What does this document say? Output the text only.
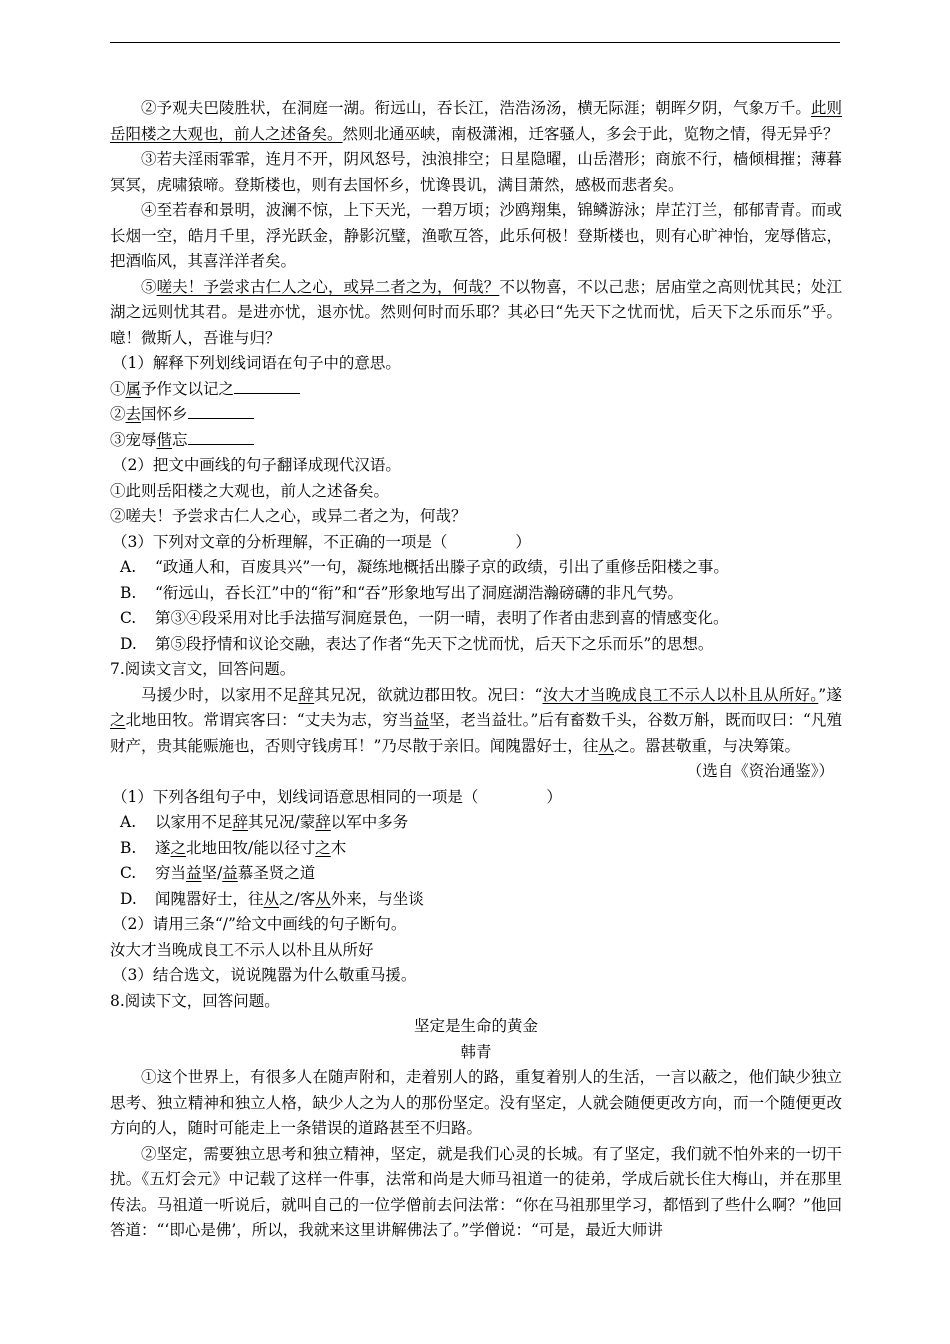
②予观夫巴陵胜状，在洞庭一湖。衔远山，吞长江，浩浩汤汤，横无际涯；朝晖夕阴，气象万千。此则岳阳楼之大观也，前人之述备矣。然则北通巫峡，南极潇湘，迁客骚人，多会于此，览物之情，得无异乎？

③若夫淫雨霏霏，连月不开，阴风怒号，浊浪排空；日星隐曜，山岳潜形；商旅不行，樯倾楫摧；薄暮冥冥，虎啸猿啼。登斯楼也，则有去国怀乡，忧谗畏讥，满目萧然，感极而悲者矣。

④至若春和景明，波澜不惊，上下天光，一碧万顷；沙鸥翔集，锦鳞游泳；岸芷汀兰，郁郁青青。而或长烟一空，皓月千里，浮光跃金，静影沉璧，渔歌互答，此乐何极！登斯楼也，则有心旷神怡，宠辱偕忘，把酒临风，其喜洋洋者矣。

⑤嗟夫！予尝求古仁人之心，或异二者之为，何哉？不以物喜，不以己悲；居庙堂之高则忧其民；处江湖之远则忧其君。是进亦忧，退亦忧。然则何时而乐耶？其必曰“先天下之忧而忧，后天下之乐而乐”乎。噫！微斯人，吾谁与归？

（1）解释下列划线词语在句子中的意思。

①属予作文以记之

②去国怀乡

③宠辱偕忘

（2）把文中画线的句子翻译成现代汉语。

①此则岳阳楼之大观也，前人之述备矣。

②嗟夫！予尝求古仁人之心，或异二者之为，何哉？

（3）下列对文章的分析理解，不正确的一项是（	）

A. “政通人和，百废具兴”一句，凝练地概括出滕子京的政绩，引出了重修岳阳楼之事。

B. “衔远山，吞长江”中的“衔”和“吞”形象地写出了洞庭湖浩瀚磅礴的非凡气势。

C. 第③④段采用对比手法描写洞庭景色，一阴一晴，表明了作者由悲到喜的情感变化。

D. 第⑤段抒情和议论交融，表达了作者“先天下之忧而忧，后天下之乐而乐”的思想。

7.阅读文言文，回答问题。

马援少时，以家用不足辞其兄况，欲就边郡田牧。况曰：“汝大才当晚成良工不示人以朴且从所好。”遂之北地田牧。常谓宾客曰：“丈夫为志，穷当益坚，老当益壮。”后有畜数千头，谷数万斛，既而叹曰：“凡殖财产，贵其能赈施也，否则守钱虏耳！”乃尽散于亲旧。闻隗嚣好士，往从之。嚣甚敬重，与决筹策。

（选自《资治通鉴》）

（1）下列各组句子中，划线词语意思相同的一项是（	）

A. 以家用不足辞其兄况/蒙辞以军中多务

B. 遂之北地田牧/能以径寸之木

C. 穷当益坚/益慕圣贤之道

D. 闻隗嚣好士，往从之/客从外来，与坐谈

（2）请用三条“/”给文中画线的句子断句。

汝大才当晚成良工不示人以朴且从所好

（3）结合选文，说说隗嚣为什么敬重马援。

8.阅读下文，回答问题。

坚定是生命的黄金

韩青

①这个世界上，有很多人在随声附和，走着别人的路，重复着别人的生活，一言以蔽之，他们缺少独立思考、独立精神和独立人格，缺少人之为人的那份坚定。没有坚定，人就会随便更改方向，而一个随便更改方向的人，随时可能走上一条错误的道路甚至不归路。

②坚定，需要独立思考和独立精神，坚定，就是我们心灵的长城。有了坚定，我们就不怕外来的一切干扰。《五灯会元》中记载了这样一件事，法常和尚是大师马祖道一的徒弟，学成后就长住大梅山，并在那里传法。马祖道一听说后，就叫自己的一位学僧前去问法常：“你在马祖那里学习，都悟到了些什么啊？”他回答道：“‘即心是佛’，所以，我就来这里讲解佛法了。”学僧说：“可是，最近大师讲
